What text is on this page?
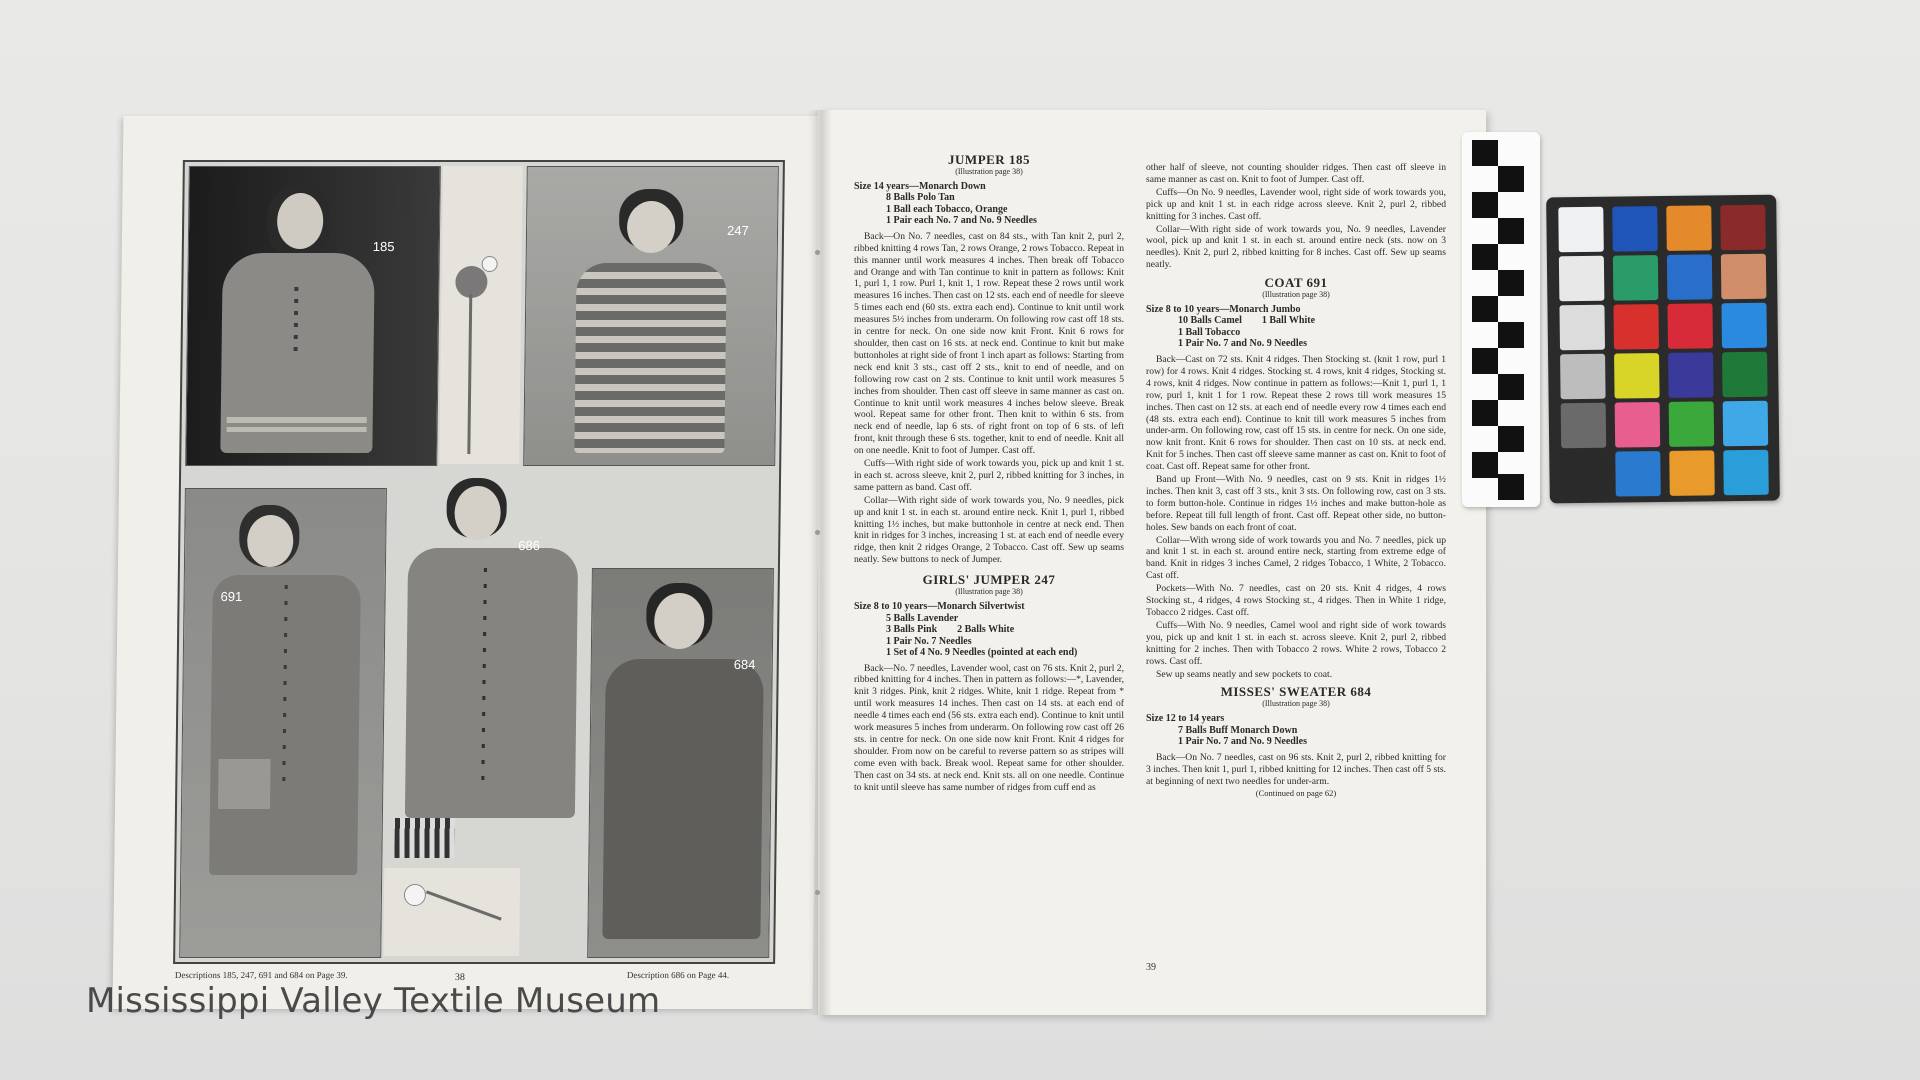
185
247
691
686
684
Descriptions 185, 247, 691 and 684 on Page 39.	38	Description 686 on Page 44.
JUMPER 185
(Illustration page 38)
Size 14 years—Monarch Down
8 Balls Polo Tan
1 Ball each Tobacco, Orange
1 Pair each No. 7 and No. 9 Needles

Back—On No. 7 needles, cast on 84 sts., with Tan knit 2, purl 2, ribbed knitting 4 rows Tan, 2 rows Orange, 2 rows Tobacco. Repeat in this manner until work measures 4 inches. Then break off Tobacco and Orange and with Tan continue to knit in pattern as follows: Knit 1, purl 1, 1 row. Purl 1, knit 1, 1 row. Repeat these 2 rows until work measures 16 inches. Then cast on 12 sts. each end of needle for sleeve 5 times each end (60 sts. extra each end). Continue to knit until work measures 5½ inches from underarm. On following row cast off 18 sts. in centre for neck. On one side now knit Front. Knit 6 rows for shoulder, then cast on 16 sts. at neck end. Continue to knit but make buttonholes at right side of front 1 inch apart as follows: Starting from neck end knit 3 sts., cast off 2 sts., knit to end of needle, and on following row cast on 2 sts. Continue to knit until work measures 5 inches from shoulder. Then cast off sleeve in same manner as cast on. Continue to knit until work measures 4 inches below sleeve. Break wool. Repeat same for other front. Then knit to within 6 sts. from neck end of needle, lap 6 sts. of right front on top of 6 sts. of left front, knit through these 6 sts. together, knit to end of needle. Knit all on one needle. Knit to foot of Jumper. Cast off.

Cuffs—With right side of work towards you, pick up and knit 1 st. in each st. across sleeve, knit 2, purl 2, ribbed knitting for 3 inches, in same pattern as band. Cast off.

Collar—With right side of work towards you, No. 9 needles, pick up and knit 1 st. in each st. around entire neck. Knit 1, purl 1, ribbed knitting 1½ inches, but make buttonhole in centre at neck end. Then knit in ridges for 3 inches, increasing 1 st. at each end of needle every ridge, then knit 2 ridges Orange, 2 Tobacco. Cast off. Sew up seams neatly. Sew buttons to neck of Jumper.

GIRLS' JUMPER 247
(Illustration page 38)
Size 8 to 10 years—Monarch Silvertwist
5 Balls Lavender
3 Balls Pink        2 Balls White
1 Pair No. 7 Needles
1 Set of 4 No. 9 Needles (pointed at each end)

Back—No. 7 needles, Lavender wool, cast on 76 sts. Knit 2, purl 2, ribbed knitting for 4 inches. Then in pattern as follows:—*, Lavender, knit 3 ridges. Pink, knit 2 ridges. White, knit 1 ridge. Repeat from * until work measures 14 inches. Then cast on 14 sts. at each end of needle 4 times each end (56 sts. extra each end). Continue to knit until work measures 5 inches from underarm. On following row cast off 26 sts. in centre for neck. On one side now knit Front. Knit 4 ridges for shoulder. From now on be careful to reverse pattern so as stripes will come even with back. Break wool. Repeat same for other shoulder. Then cast on 34 sts. at neck end. Knit sts. all on one needle. Continue to knit until sleeve has same number of ridges from cuff end as

other half of sleeve, not counting shoulder ridges. Then cast off sleeve in same manner as cast on. Knit to foot of Jumper. Cast off.

Cuffs—On No. 9 needles, Lavender wool, right side of work towards you, pick up and knit 1 st. in each ridge across sleeve. Knit 2, purl 2, ribbed knitting for 3 inches. Cast off.

Collar—With right side of work towards you, No. 9 needles, Lavender wool, pick up and knit 1 st. in each st. around entire neck (sts. now on 3 needles). Knit 2, purl 2, ribbed knitting for 8 inches. Cast off. Sew up seams neatly.

COAT 691
(Illustration page 38)
Size 8 to 10 years—Monarch Jumbo
10 Balls Camel        1 Ball White
1 Ball Tobacco
1 Pair No. 7 and No. 9 Needles

Back—Cast on 72 sts. Knit 4 ridges. Then Stocking st. (knit 1 row, purl 1 row) for 4 rows. Knit 4 ridges. Stocking st. 4 rows, knit 4 ridges, Stocking st. 4 rows, knit 4 ridges. Now continue in pattern as follows:—Knit 1, purl 1, 1 row, purl 1, knit 1 for 1 row. Repeat these 2 rows till work measures 15 inches. Then cast on 12 sts. at each end of needle every row 4 times each end (48 sts. extra each end). Continue to knit till work measures 5 inches from under-arm. On following row, cast off 15 sts. in centre for neck. On one side, now knit front. Knit 6 rows for shoulder. Then cast on 10 sts. at neck end. Knit for 5 inches. Then cast off sleeve same manner as cast on. Knit to foot of coat. Cast off. Repeat same for other front.

Band up Front—With No. 9 needles, cast on 9 sts. Knit in ridges 1½ inches. Then knit 3, cast off 3 sts., knit 3 sts. On following row, cast on 3 sts. to form button-hole. Continue in ridges 1½ inches and make button-hole as before. Repeat till full length of front. Cast off. Repeat other side, no button-holes. Sew bands on each front of coat.

Collar—With wrong side of work towards you and No. 7 needles, pick up and knit 1 st. in each st. around entire neck, starting from extreme edge of band. Knit in ridges 3 inches Camel, 2 ridges Tobacco, 1 White, 2 Tobacco. Cast off.

Pockets—With No. 7 needles, cast on 20 sts. Knit 4 ridges, 4 rows Stocking st., 4 ridges, 4 rows Stocking st., 4 ridges. Then in White 1 ridge, Tobacco 2 ridges. Cast off.

Cuffs—With No. 9 needles, Camel wool and right side of work towards you, pick up and knit 1 st. in each st. across sleeve. Knit 2, purl 2, ribbed knitting for 2 inches. Then with Tobacco 2 rows. White 2 rows, Tobacco 2 rows. Cast off.

Sew up seams neatly and sew pockets to coat.

MISSES' SWEATER 684
(Illustration page 38)
Size 12 to 14 years
7 Balls Buff Monarch Down
1 Pair No. 7 and No. 9 Needles

Back—On No. 7 needles, cast on 96 sts. Knit 2, purl 2, ribbed knitting for 3 inches. Then knit 1, purl 1, ribbed knitting for 12 inches. Then cast off 5 sts. at beginning of next two needles for under-arm.

(Continued on page 62)
39
CM
Mississippi Valley Textile Museum
